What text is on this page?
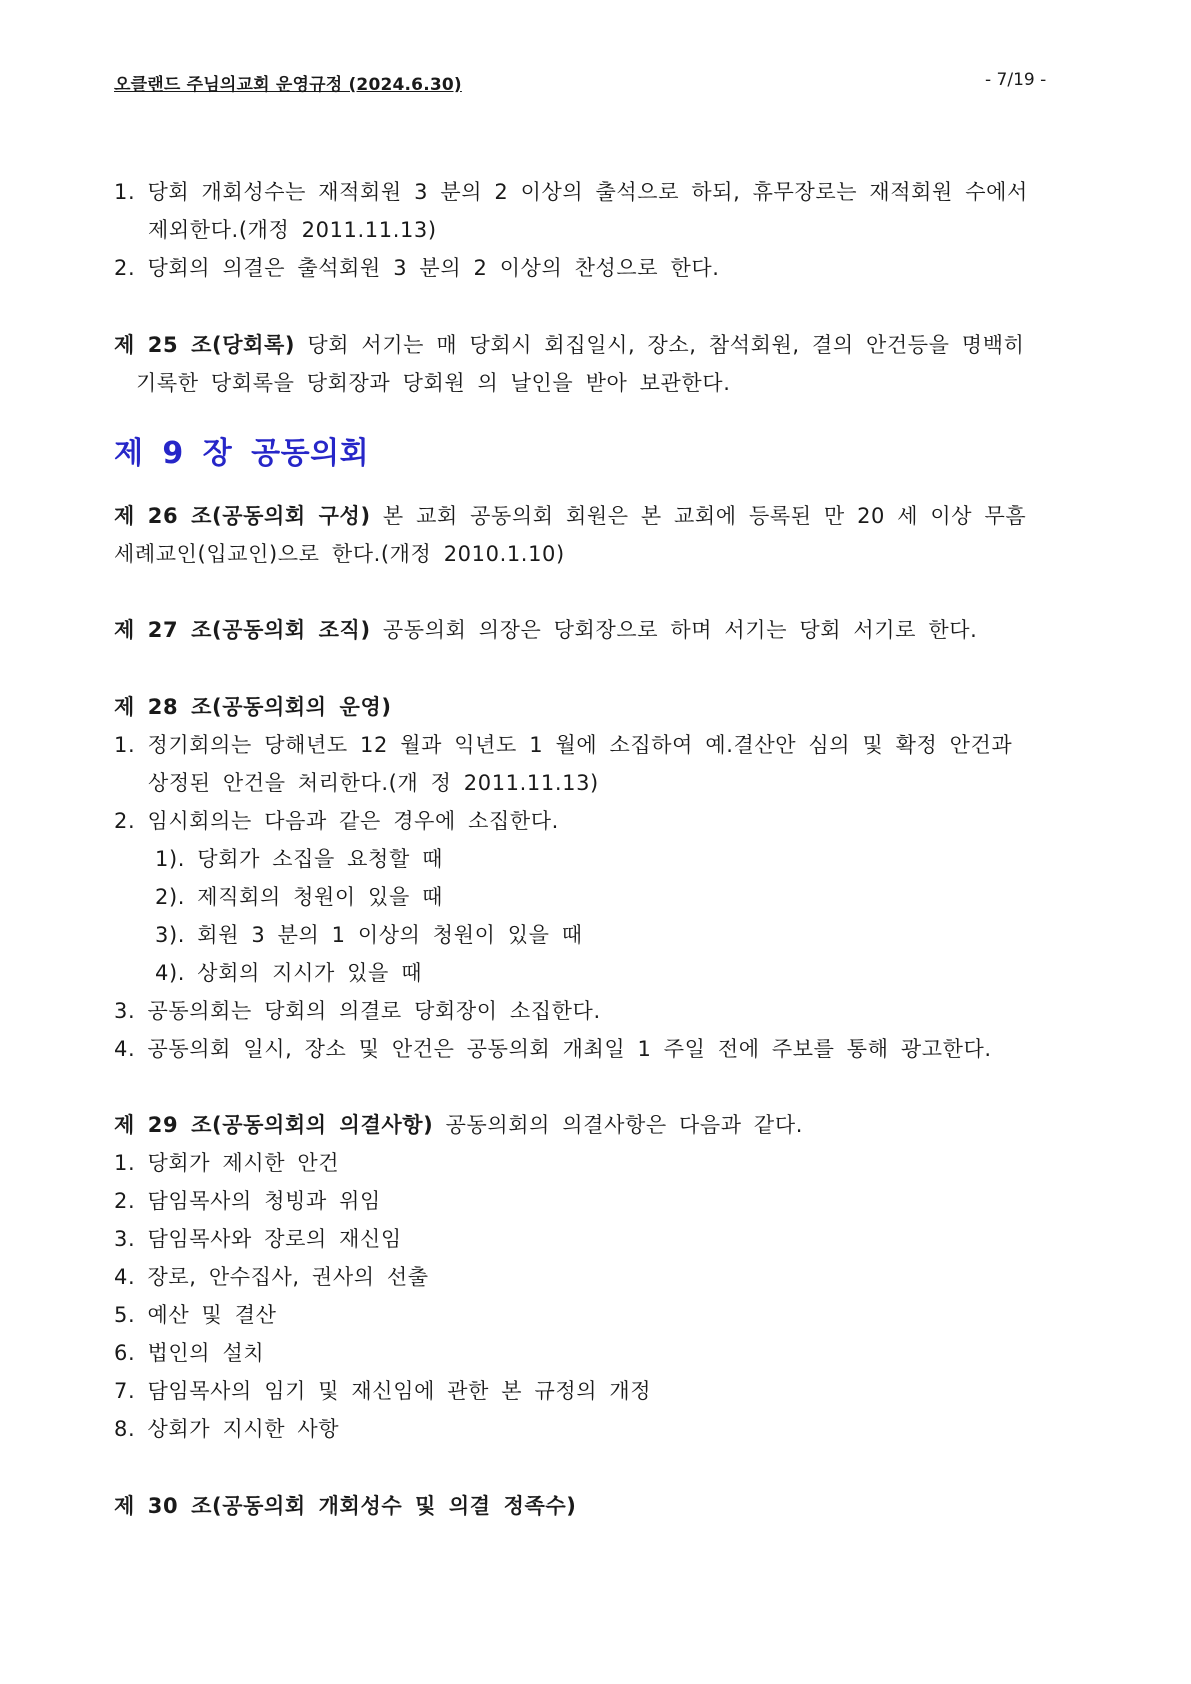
오클랜드 주님의교회 운영규정 (2024.6.30)	- 7/19 -
1. 당회 개회성수는 재적회원 3 분의 2 이상의 출석으로 하되, 휴무장로는 재적회원 수에서
제외한다.(개정 2011.11.13)
2. 당회의 의결은 출석회원 3 분의 2 이상의 찬성으로 한다.
제 25 조(당회록) 당회 서기는 매 당회시 회집일시, 장소, 참석회원, 결의 안건등을 명백히
기록한 당회록을 당회장과 당회원 의 날인을 받아 보관한다.
제 9 장 공동의회
제 26 조(공동의회 구성) 본 교회 공동의회 회원은 본 교회에 등록된 만 20 세 이상 무흠
세례교인(입교인)으로 한다.(개정 2010.1.10)
제 27 조(공동의회 조직) 공동의회 의장은 당회장으로 하며 서기는 당회 서기로 한다.
제 28 조(공동의회의 운영)
1. 정기회의는 당해년도 12 월과 익년도 1 월에 소집하여 예.결산안 심의 및 확정 안건과
상정된 안건을 처리한다.(개 정 2011.11.13)
2. 임시회의는 다음과 같은 경우에 소집한다.
1). 당회가 소집을 요청할 때
2). 제직회의 청원이 있을 때
3). 회원 3 분의 1 이상의 청원이 있을 때
4). 상회의 지시가 있을 때
3. 공동의회는 당회의 의결로 당회장이 소집한다.
4. 공동의회 일시, 장소 및 안건은 공동의회 개최일 1 주일 전에 주보를 통해 광고한다.
제 29 조(공동의회의 의결사항) 공동의회의 의결사항은 다음과 같다.
1. 당회가 제시한 안건
2. 담임목사의 청빙과 위임
3. 담임목사와 장로의 재신임
4. 장로, 안수집사, 권사의 선출
5. 예산 및 결산
6. 법인의 설치
7. 담임목사의 임기 및 재신임에 관한 본 규정의 개정
8. 상회가 지시한 사항
제 30 조(공동의회 개회성수 및 의결 정족수)
